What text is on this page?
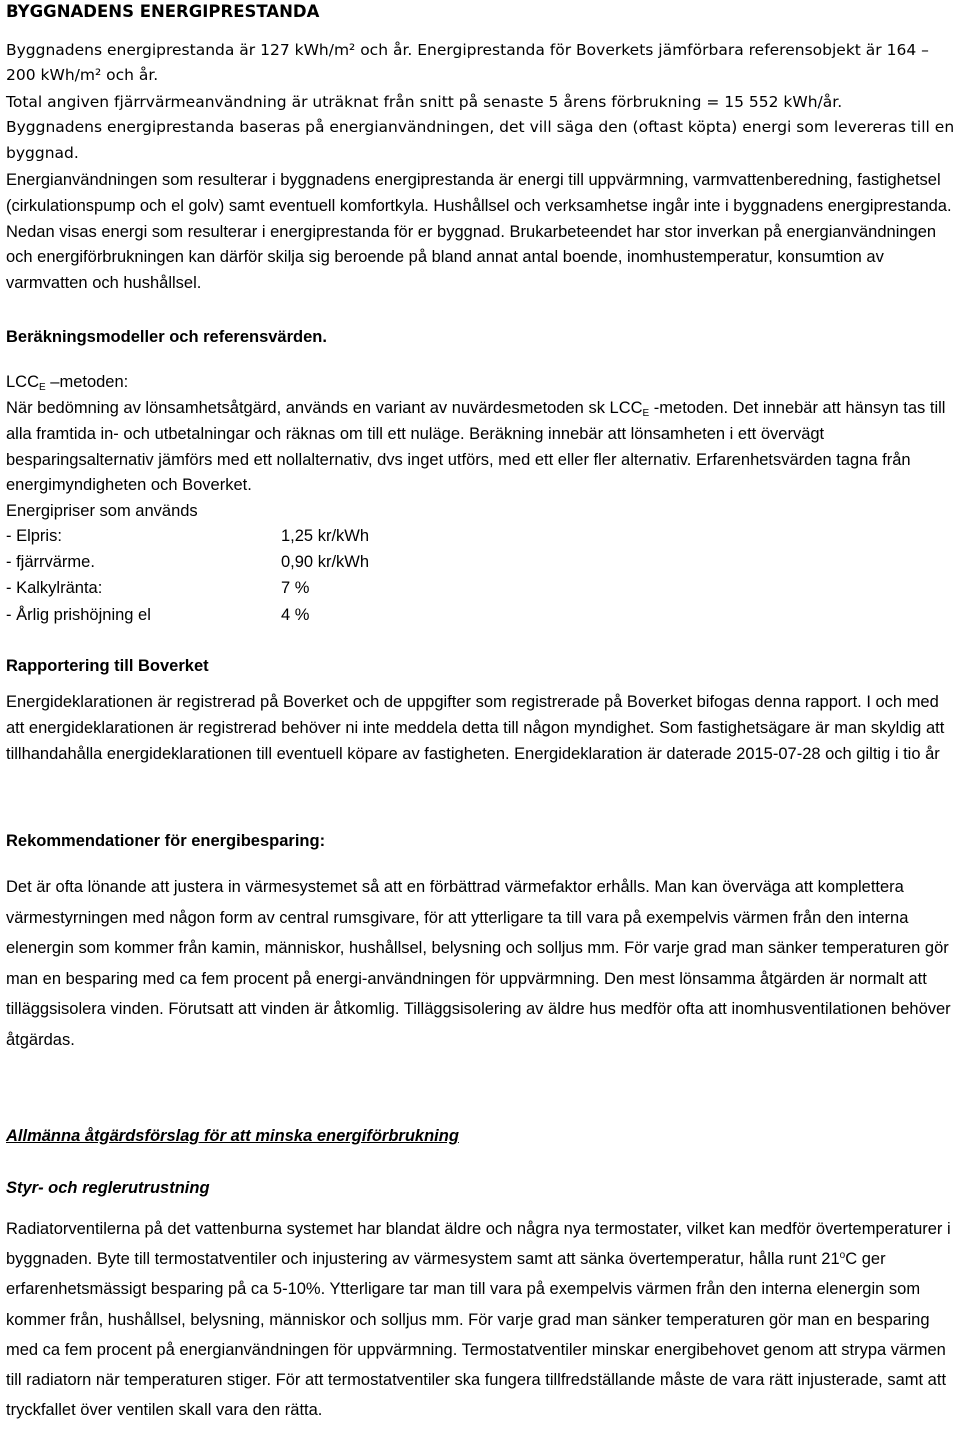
BYGGNADENS ENERGIPRESTANDA

Byggnadens energiprestanda är 127 kWh/m² och år. Energiprestanda för Boverkets jämförbara referensobjekt är 164 – 200 kWh/m² och år.

Total angiven fjärrvärmeanvändning är uträknat från snitt på senaste 5 årens förbrukning = 15 552 kWh/år.

Byggnadens energiprestanda baseras på energianvändningen, det vill säga den (oftast köpta) energi som levereras till en byggnad.

Energianvändningen som resulterar i byggnadens energiprestanda är energi till uppvärmning, varmvattenberedning, fastighetsel (cirkulationspump och el golv) samt eventuell komfortkyla. Hushållsel och verksamhetse ingår inte i byggnadens energiprestanda. Nedan visas energi som resulterar i energiprestanda för er byggnad. Brukarbeteendet har stor inverkan på energianvändningen och energiförbrukningen kan därför skilja sig beroende på bland annat antal boende, inomhustemperatur, konsumtion av varmvatten och hushållsel.

Beräkningsmodeller och referensvärden.
$LCC_E$ –metoden:

När bedömning av lönsamhetsåtgärd, används en variant av nuvärdesmetoden sk $LCC_E$ -metoden. Det innebär att hänsyn tas till alla framtida in- och utbetalningar och räknas om till ett nuläge. Beräkning innebär att lönsamheten i ett övervägt besparingsalternativ jämförs med ett nollalternativ, dvs inget utförs, med ett eller fler alternativ. Erfarenhetsvärden tagna från energimyndigheten och Boverket.

Energipriser som används
- Elpris:	1,25 kr/kWh
- fjärrvärme.	0,90 kr/kWh
- Kalkylränta:	7 %
- Årlig prishöjning el	4 %
Rapportering till Boverket

Energideklarationen är registrerad på Boverket och de uppgifter som registrerade på Boverket bifogas denna rapport. I och med att energideklarationen är registrerad behöver ni inte meddela detta till någon myndighet. Som fastighetsägare är man skyldig att tillhandahålla energideklarationen till eventuell köpare av fastigheten. Energideklaration är daterade 2015-07-28 och giltig i tio år

Rekommendationer för energibesparing:

Det är ofta lönande att justera in värmesystemet så att en förbättrad värmefaktor erhålls. Man kan överväga att komplettera värmestyrningen med någon form av central rumsgivare, för att ytterligare ta till vara på exempelvis värmen från den interna elenergin som kommer från kamin, människor, hushållsel, belysning och solljus mm. För varje grad man sänker temperaturen gör man en besparing med ca fem procent på energi-användningen för uppvärmning. Den mest lönsamma åtgärden är normalt att tilläggsisolera vinden. Förutsatt att vinden är åtkomlig. Tilläggsisolering av äldre hus medför ofta att inomhusventilationen behöver åtgärdas.

Allmänna åtgärdsförslag för att minska energiförbrukning
Styr- och reglerutrustning

Radiatorventilerna på det vattenburna systemet har blandat äldre och några nya termostater, vilket kan medför övertemperaturer i byggnaden. Byte till termostatventiler och injustering av värmesystem samt att sänka övertemperatur, hålla runt 21$^o$C ger erfarenhetsmässigt besparing på ca 5-10%. Ytterligare tar man till vara på exempelvis värmen från den interna elenergin som kommer från, hushållsel, belysning, människor och solljus mm. För varje grad man sänker temperaturen gör man en besparing med ca fem procent på energianvändningen för uppvärmning. Termostatventiler minskar energibehovet genom att strypa värmen till radiatorn när temperaturen stiger. För att termostatventiler ska fungera tillfredställande måste de vara rätt injusterade, samt att tryckfallet över ventilen skall vara den rätta.
